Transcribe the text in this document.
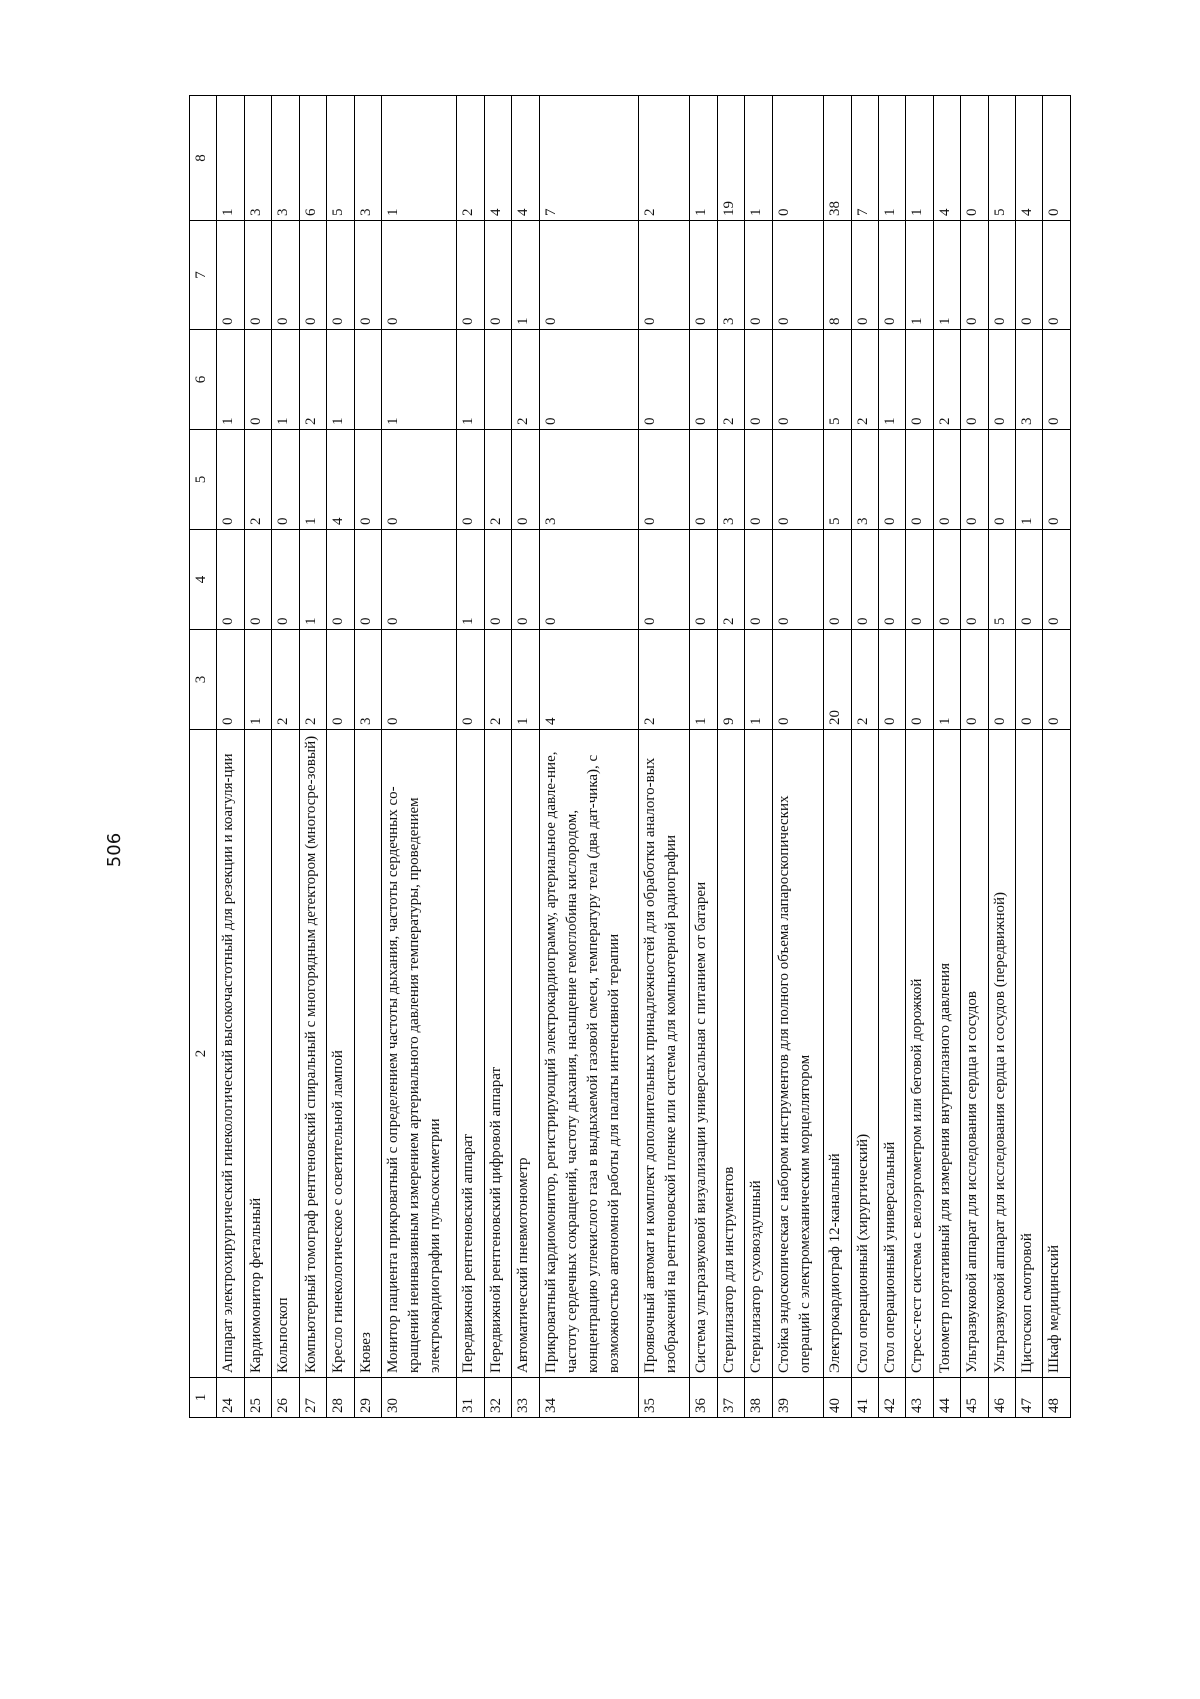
506
1	2	3	4	5	6	7	8
24	Аппарат электрохирургический гинекологический высокочастотный для резекции и коагуля-ции	0	0	0	1	0	1
25	Кардиомонитор фетальный	1	0	2	0	0	3
26	Кольпоскоп	2	0	0	1	0	3
27	Компьютерный томограф рентгеновский спиральный с многорядным детектором (многосре-зовый)	2	1	1	2	0	6
28	Кресло гинекологическое с осветительной лампой	0	0	4	1	0	5
29	Кювез	3	0	0		0	3
30	Монитор пациента прикроватный с определением частоты дыхания, частоты сердечных со-кращений неинвазивным измерением артериального давления температуры, проведением электрокардиографии пульсоксиметрии	0	0	0	1	0	1
31	Передвижной рентгеновский аппарат	0	1	0	1	0	2
32	Передвижной рентгеновский цифровой аппарат	2	0	2		0	4
33	Автоматический пневмотонометр	1	0	0	2	1	4
34	Прикроватный кардиомонитор, регистрирующий электрокардиограмму, артериальное давле-ние, частоту сердечных сокращений, частоту дыхания, насыщение гемоглобина кислородом, концентрацию углекислого газа в выдыхаемой газовой смеси, температуру тела (два дат-чика), с возможностью автономной работы для палаты интенсивной терапии	4	0	3	0	0	7
35	Проявочный автомат и комплект дополнительных принадлежностей для обработки аналого-вых изображений на рентгеновской пленке или система для компьютерной радиографии	2	0	0	0	0	2
36	Система ультразвуковой визуализации универсальная с питанием от батареи	1	0	0	0	0	1
37	Стерилизатор для инструментов	9	2	3	2	3	19
38	Стерилизатор суховоздушный	1	0	0	0	0	1
39	Стойка эндоскопическая с набором инструментов для полного объема лапароскопических операций с электромеханическим морцеллятором	0	0	0	0	0	0
40	Электрокардиограф 12-канальный	20	0	5	5	8	38
41	Стол операционный (хирургический)	2	0	3	2	0	7
42	Стол операционный универсальный	0	0	0	1	0	1
43	Стресс-тест система с велоэргометром или беговой дорожкой	0	0	0	0	1	1
44	Тонометр портативный для измерения внутриглазного давления	1	0	0	2	1	4
45	Ультразвуковой аппарат для исследования сердца и сосудов	0	0	0	0	0	0
46	Ультразвуковой аппарат для исследования сердца и сосудов (передвижной)	0	5	0	0	0	5
47	Цистоскоп смотровой	0	0	1	3	0	4
48	Шкаф медицинский	0	0	0	0	0	0
